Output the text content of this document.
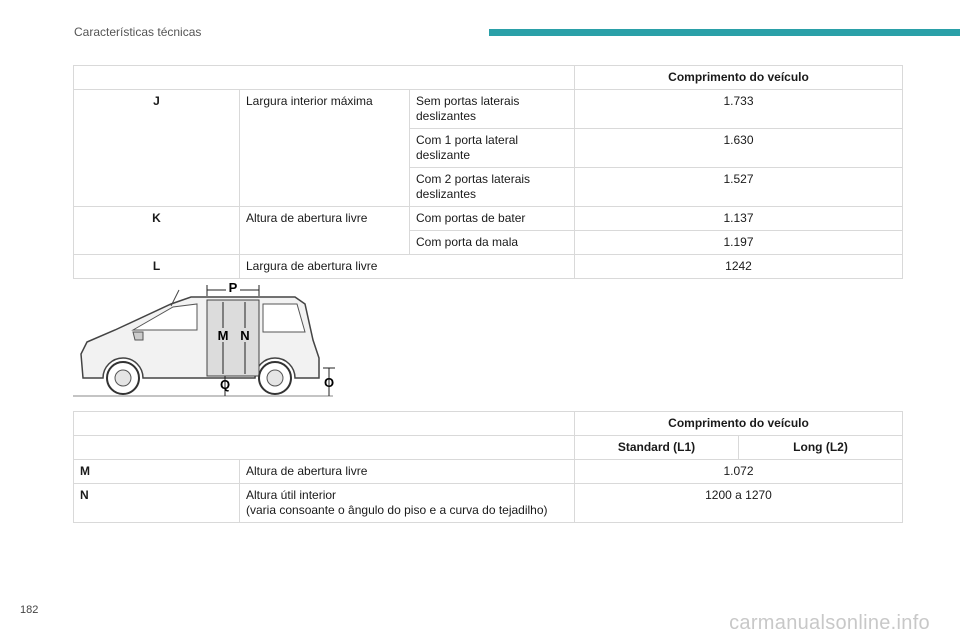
Características técnicas
			Comprimento do veículo
J	Largura interior máxima	Sem portas laterais deslizantes	1.733
		Com 1 porta lateral deslizante	1.630
		Com 2 portas laterais deslizantes	1.527
K	Altura de abertura livre	Com portas de bater	1.137
		Com porta da mala	1.197
L	Largura de abertura livre		1242
P
M N
Q	O
		Comprimento do veículo	
		Standard (L1)	Long (L2)
M	Altura de abertura livre	1.072	
N	Altura útil interior
(varia consoante o ângulo do piso e a curva do tejadilho)	1200 a 1270	
182
carmanualsonline.info
